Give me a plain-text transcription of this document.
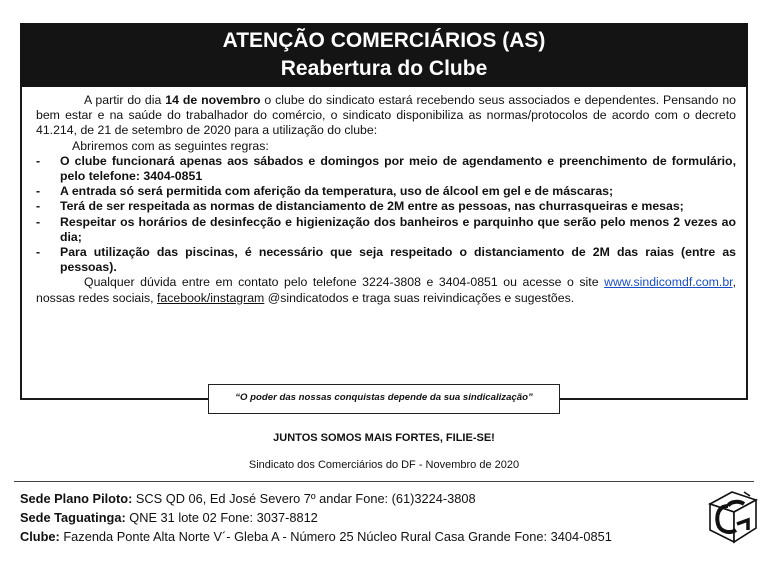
ATENÇÃO COMERCIÁRIOS (AS)
Reabertura do Clube

A partir do dia 14 de novembro o clube do sindicato estará recebendo seus associados e dependentes. Pensando no bem estar e na saúde do trabalhador do comércio, o sindicato disponibiliza as normas/protocolos de acordo com o decreto 41.214, de 21 de setembro de 2020 para a utilização do clube:

Abriremos com as seguintes regras:

-	O clube funcionará apenas aos sábados e domingos por meio de agendamento e preenchimento de formulário, pelo telefone: 3404-0851
-	A entrada só será permitida com aferição da temperatura, uso de álcool em gel e de máscaras;
-	Terá de ser respeitada as normas de distanciamento de 2M entre as pessoas, nas churrasqueiras e mesas;
-	Respeitar os horários de desinfecção e higienização dos banheiros e parquinho que serão pelo menos 2 vezes ao dia;
-	Para utilização das piscinas, é necessário que seja respeitado o distanciamento de 2M das raias (entre as pessoas).

Qualquer dúvida entre em contato pelo telefone 3224-3808 e 3404-0851 ou acesse o site www.sindicomdf.com.br, nossas redes sociais, facebook/instagram @sindicatodos e traga suas reivindicações e sugestões.

“O poder das nossas conquistas depende da sua sindicalização”
JUNTOS SOMOS MAIS FORTES, FILIE-SE!
Sindicato dos Comerciários do DF - Novembro de 2020
Sede Plano Piloto: SCS QD 06, Ed José Severo 7º andar Fone: (61)3224-3808
Sede Taguatinga: QNE 31 lote 02 Fone: 3037-8812
Clube: Fazenda Ponte Alta Norte V´- Gleba A - Número 25 Núcleo Rural Casa Grande Fone: 3404-0851
